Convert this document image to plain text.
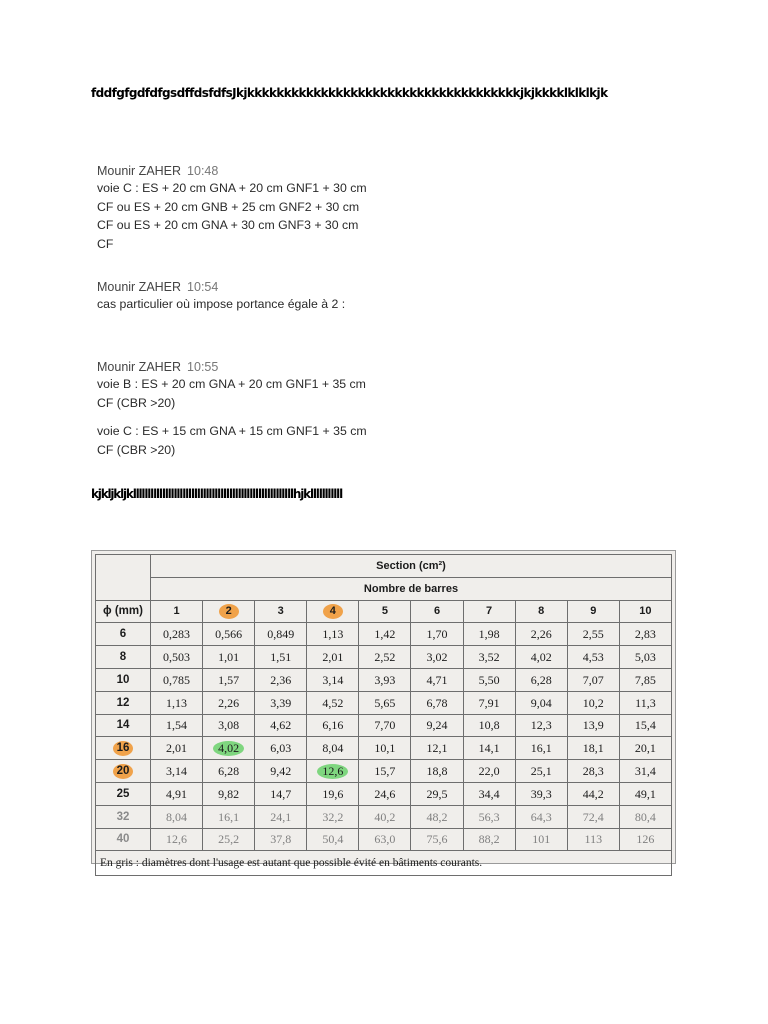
fddfgfgdfdfgsdffdsfdfsJkjkkkkkkkkkkkkkkkkkkkkkkkkkkkkkkkkkkkkkjkjkkkklklklkjk
Mounir ZAHER 10:48

voie C : ES + 20 cm GNA + 20 cm GNF1 + 30 cm CF ou ES + 20 cm GNB + 25 cm GNF2 + 30 cm CF ou ES + 20 cm GNA + 30 cm GNF3 + 30 cm CF

Mounir ZAHER 10:54

cas particulier où impose portance égale à 2 :

Mounir ZAHER 10:55

voie B : ES + 20 cm GNA + 20 cm GNF1 + 35 cm CF (CBR >20)

voie C : ES + 15 cm GNA + 15 cm GNF1 + 35 cm CF (CBR >20)

kjkljkljklllllllllllllllllllllllllllllllllllllllllllllllllllllllhjklllllllllll
	Section (cm²)									
	Nombre de barres									
ϕ (mm)	1	2	3	4	5	6	7	8	9	10
6	0,283	0,566	0,849	1,13	1,42	1,70	1,98	2,26	2,55	2,83
8	0,503	1,01	1,51	2,01	2,52	3,02	3,52	4,02	4,53	5,03
10	0,785	1,57	2,36	3,14	3,93	4,71	5,50	6,28	7,07	7,85
12	1,13	2,26	3,39	4,52	5,65	6,78	7,91	9,04	10,2	11,3
14	1,54	3,08	4,62	6,16	7,70	9,24	10,8	12,3	13,9	15,4
16	2,01	4,02	6,03	8,04	10,1	12,1	14,1	16,1	18,1	20,1
20	3,14	6,28	9,42	12,6	15,7	18,8	22,0	25,1	28,3	31,4
25	4,91	9,82	14,7	19,6	24,6	29,5	34,4	39,3	44,2	49,1
32	8,04	16,1	24,1	32,2	40,2	48,2	56,3	64,3	72,4	80,4
40	12,6	25,2	37,8	50,4	63,0	75,6	88,2	101	113	126
En gris : diamètres dont l'usage est autant que possible évité en bâtiments courants.										
